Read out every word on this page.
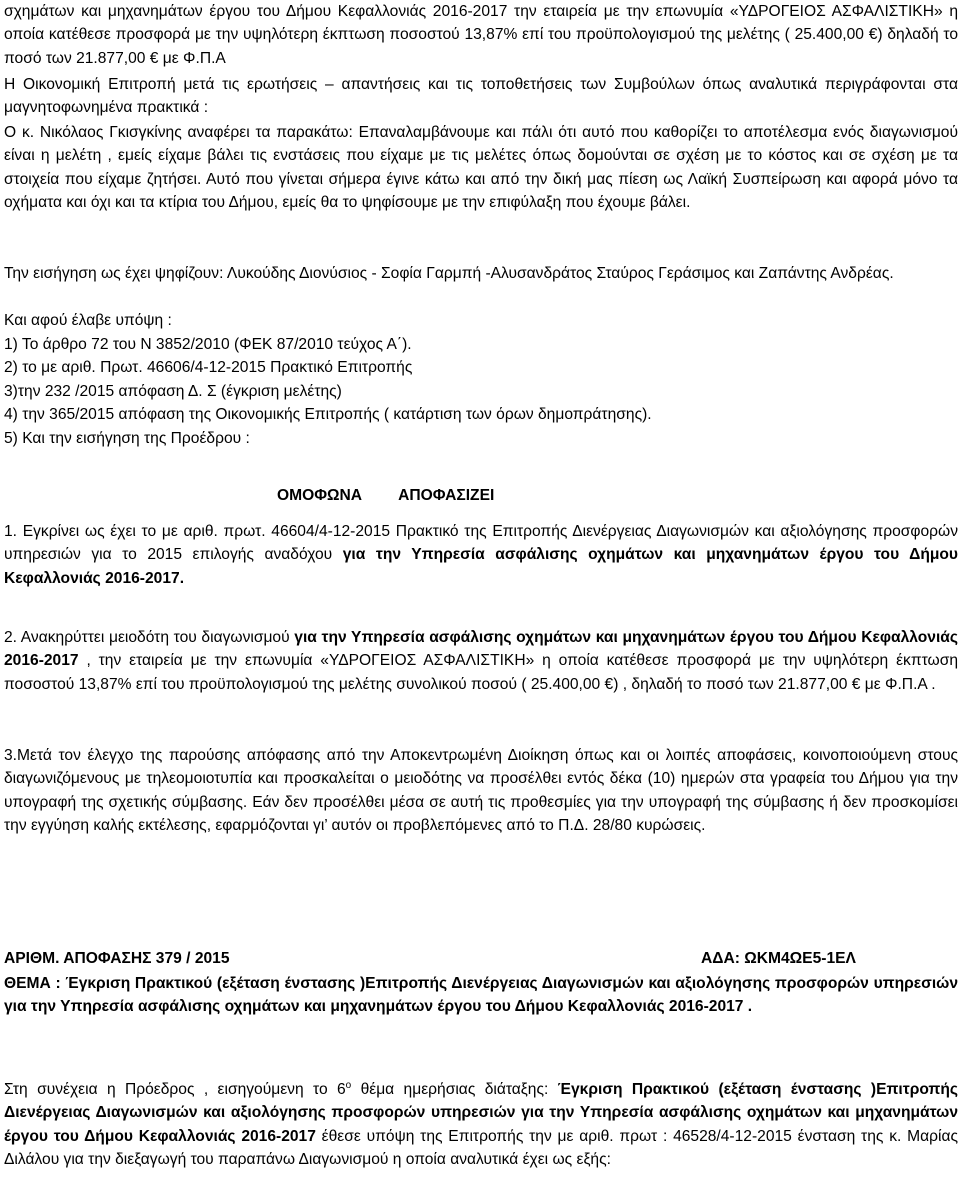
σχημάτων και μηχανημάτων έργου του Δήμου Κεφαλλονιάς 2016-2017 την εταιρεία με την επωνυμία «ΥΔΡΟΓΕΙΟΣ ΑΣΦΑΛΙΣΤΙΚΗ» η οποία κατέθεσε προσφορά με την υψηλότερη έκπτωση ποσοστού 13,87% επί του προϋπολογισμού της μελέτης ( 25.400,00 €) δηλαδή το ποσό των 21.877,00 € με Φ.Π.Α

Η Οικονομική Επιτροπή μετά τις ερωτήσεις – απαντήσεις και τις τοποθετήσεις των Συμβούλων όπως αναλυτικά περιγράφονται στα μαγνητοφωνημένα πρακτικά :

Ο κ. Νικόλαος Γκισγκίνης αναφέρει τα παρακάτω: Επαναλαμβάνουμε και πάλι ότι αυτό που καθορίζει το αποτέλεσμα ενός διαγωνισμού είναι η μελέτη , εμείς είχαμε βάλει τις ενστάσεις που είχαμε με τις μελέτες όπως δομούνται σε σχέση με το κόστος και σε σχέση με τα στοιχεία που είχαμε ζητήσει. Αυτό που γίνεται σήμερα έγινε κάτω και από την δική μας πίεση ως Λαϊκή Συσπείρωση και αφορά μόνο τα οχήματα και όχι και τα κτίρια του Δήμου, εμείς θα το ψηφίσουμε με την επιφύλαξη που έχουμε βάλει.

Την εισήγηση ως έχει ψηφίζουν: Λυκούδης Διονύσιος - Σοφία Γαρμπή -Αλυσανδράτος Σταύρος Γεράσιμος και Ζαπάντης Ανδρέας.

Και αφού έλαβε υπόψη :

1) Το άρθρο 72 του Ν 3852/2010 (ΦΕΚ 87/2010 τεύχος Α΄).

2) το με αριθ. Πρωτ. 46606/4-12-2015 Πρακτικό Επιτροπής

3)την 232 /2015 απόφαση Δ. Σ (έγκριση μελέτης)

4) την 365/2015 απόφαση της Οικονομικής Επιτροπής ( κατάρτιση των όρων δημοπράτησης).

5) Και την εισήγηση της Προέδρου :

ΟΜΟΦΩΝΑ ΑΠΟΦΑΣΙΖΕΙ

1. Εγκρίνει ως έχει το με αριθ. πρωτ. 46604/4-12-2015 Πρακτικό της Επιτροπής Διενέργειας Διαγωνισμών και αξιολόγησης προσφορών υπηρεσιών για το 2015 επιλογής αναδόχου για την Υπηρεσία ασφάλισης οχημάτων και μηχανημάτων έργου του Δήμου Κεφαλλονιάς 2016-2017.

2. Ανακηρύττει μειοδότη του διαγωνισμού για την Υπηρεσία ασφάλισης οχημάτων και μηχανημάτων έργου του Δήμου Κεφαλλονιάς 2016-2017 , την εταιρεία με την επωνυμία «ΥΔΡΟΓΕΙΟΣ ΑΣΦΑΛΙΣΤΙΚΗ» η οποία κατέθεσε προσφορά με την υψηλότερη έκπτωση ποσοστού 13,87% επί του προϋπολογισμού της μελέτης συνολικού ποσού ( 25.400,00 €) , δηλαδή το ποσό των 21.877,00 € με Φ.Π.Α .

3.Μετά τον έλεγχο της παρούσης απόφασης από την Αποκεντρωμένη Διοίκηση όπως και οι λοιπές αποφάσεις, κοινοποιούμενη στους διαγωνιζόμενους με τηλεομοιοτυπία και προσκαλείται ο μειοδότης να προσέλθει εντός δέκα (10) ημερών στα γραφεία του Δήμου για την υπογραφή της σχετικής σύμβασης. Εάν δεν προσέλθει μέσα σε αυτή τις προθεσμίες για την υπογραφή της σύμβασης ή δεν προσκομίσει την εγγύηση καλής εκτέλεσης, εφαρμόζονται γι’ αυτόν οι προβλεπόμενες από το Π.Δ. 28/80 κυρώσεις.

ΑΡΙΘΜ. ΑΠΟΦΑΣΗΣ 379 / 2015	ΑΔΑ: ΩΚΜ4ΩΕ5-1ΕΛ

ΘΕΜΑ : Έγκριση Πρακτικού (εξέταση ένστασης )Επιτροπής Διενέργειας Διαγωνισμών και αξιολόγησης προσφορών υπηρεσιών για την Υπηρεσία ασφάλισης οχημάτων και μηχανημάτων έργου του Δήμου Κεφαλλονιάς 2016-2017 .

Στη συνέχεια η Πρόεδρος , εισηγούμενη το $6^o$ θέμα ημερήσιας διάταξης: Έγκριση Πρακτικού (εξέταση ένστασης )Επιτροπής Διενέργειας Διαγωνισμών και αξιολόγησης προσφορών υπηρεσιών για την Υπηρεσία ασφάλισης οχημάτων και μηχανημάτων έργου του Δήμου Κεφαλλονιάς 2016-2017 έθεσε υπόψη της Επιτροπής την με αριθ. πρωτ : 46528/4-12-2015 ένσταση της κ. Μαρίας Διλάλου για την διεξαγωγή του παραπάνω Διαγωνισμού η οποία αναλυτικά έχει ως εξής:
